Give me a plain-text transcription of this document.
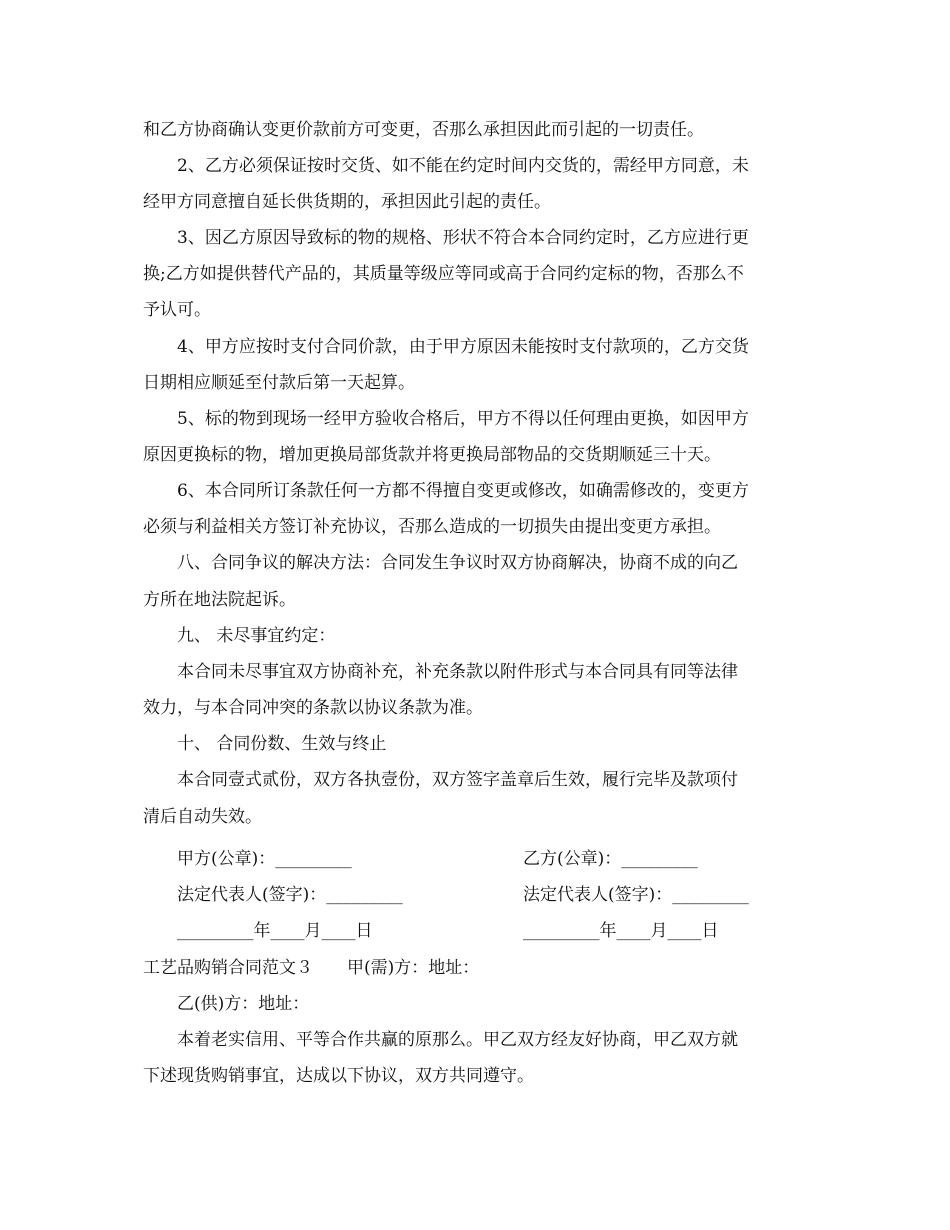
和乙方协商确认变更价款前方可变更，否那么承担因此而引起的一切责任。
2、乙方必须保证按时交货、如不能在约定时间内交货的，需经甲方同意，未
经甲方同意擅自延长供货期的，承担因此引起的责任。
3、因乙方原因导致标的物的规格、形状不符合本合同约定时，乙方应进行更
换;乙方如提供替代产品的，其质量等级应等同或高于合同约定标的物，否那么不
予认可。
4、甲方应按时支付合同价款，由于甲方原因未能按时支付款项的，乙方交货
日期相应顺延至付款后第一天起算。
5、标的物到现场一经甲方验收合格后，甲方不得以任何理由更换，如因甲方
原因更换标的物，增加更换局部货款并将更换局部物品的交货期顺延三十天。
6、本合同所订条款任何一方都不得擅自变更或修改，如确需修改的，变更方
必须与利益相关方签订补充协议，否那么造成的一切损失由提出变更方承担。
八、合同争议的解决方法：合同发生争议时双方协商解决，协商不成的向乙
方所在地法院起诉。
九、 未尽事宜约定：
本合同未尽事宜双方协商补充，补充条款以附件形式与本合同具有同等法律
效力，与本合同冲突的条款以协议条款为准。
十、 合同份数、生效与终止
本合同壹式贰份，双方各执壹份，双方签字盖章后生效，履行完毕及款项付
清后自动失效。
甲方(公章)：_________	乙方(公章)：_________
法定代表人(签字)：_________	法定代表人(签字)：_________
_________年____月____日	_________年____月____日
工艺品购销合同范文３　　甲(需)方：地址：
乙(供)方：地址：
本着老实信用、平等合作共赢的原那么。甲乙双方经友好协商，甲乙双方就
下述现货购销事宜，达成以下协议，双方共同遵守。
